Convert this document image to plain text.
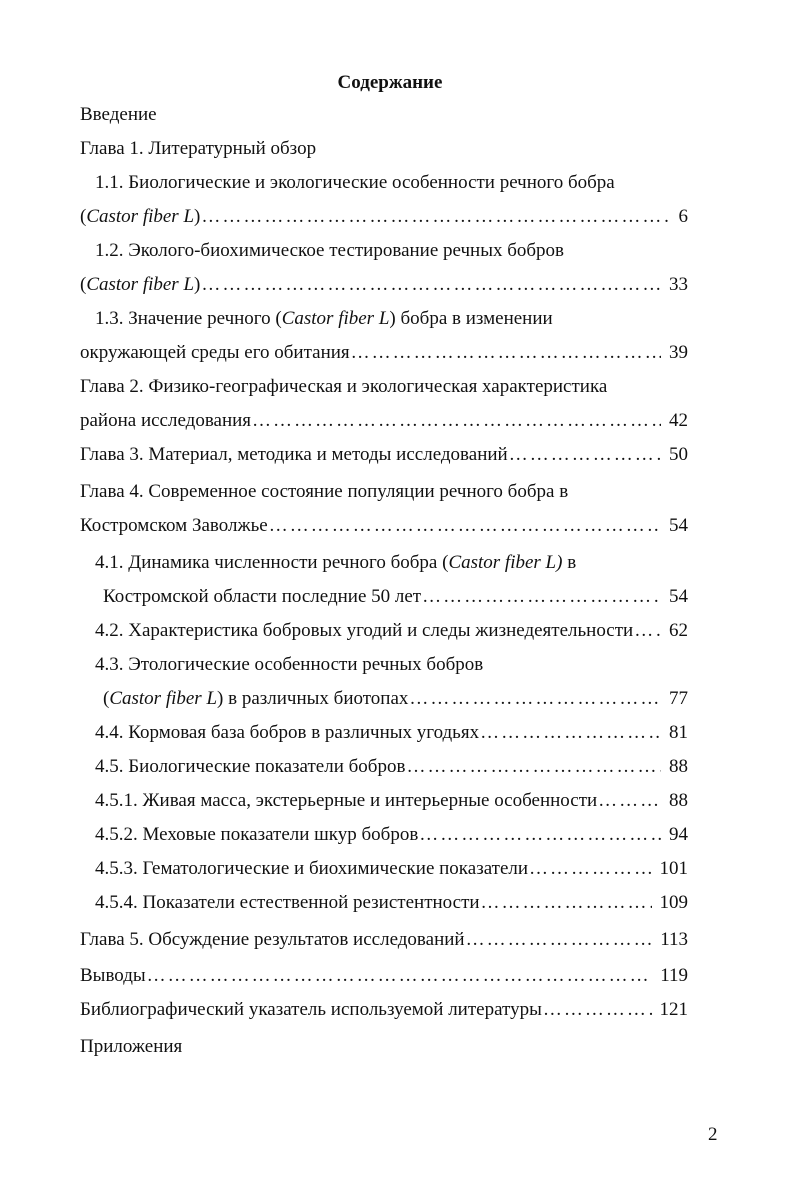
Содержание
Введение
Глава 1. Литературный обзор
1.1. Биологические и экологические особенности речного бобра
(Castor fiber L) ……………………………………………………………………………………………………………………………………………	6
1.2. Эколого-биохимическое тестирование речных бобров
(Castor fiber L) ……………………………………………………………………………………………………………………………………………	33
1.3. Значение речного (Castor fiber L) бобра в изменении
окружающей среды его обитания ……………………………………………………………………………………………………………………………………………	39
Глава 2. Физико-географическая и экологическая характеристика
района исследования ……………………………………………………………………………………………………………………………………………	42
Глава 3. Материал, методика и методы исследований ……………………………………………………………………………………………………………………………………………	50
Глава 4. Современное состояние популяции речного бобра в
Костромском Заволжье ……………………………………………………………………………………………………………………………………………	54
4.1. Динамика численности речного бобра (Castor fiber L) в
Костромской области последние 50 лет ……………………………………………………………………………………………………………………………………………	54
4.2. Характеристика бобровых угодий и следы жизнедеятельности ……………………………………………………………………………………………………………………………………………	62
4.3. Этологические особенности речных бобров
(Castor fiber L) в различных биотопах ……………………………………………………………………………………………………………………………………………	77
4.4. Кормовая база бобров в различных угодьях ……………………………………………………………………………………………………………………………………………	81
4.5. Биологические показатели бобров ……………………………………………………………………………………………………………………………………………	88
4.5.1. Живая масса, экстерьерные и интерьерные особенности ……………………………………………………………………………………………………………………………………………	88
4.5.2. Меховые показатели шкур бобров ……………………………………………………………………………………………………………………………………………	94
4.5.3. Гематологические и биохимические показатели ……………………………………………………………………………………………………………………………………………	101
4.5.4. Показатели естественной резистентности ……………………………………………………………………………………………………………………………………………	109
Глава 5. Обсуждение результатов исследований ……………………………………………………………………………………………………………………………………………	113
Выводы ……………………………………………………………………………………………………………………………………………	119
Библиографический указатель используемой литературы ……………………………………………………………………………………………………………………………………………	121
Приложения
2
